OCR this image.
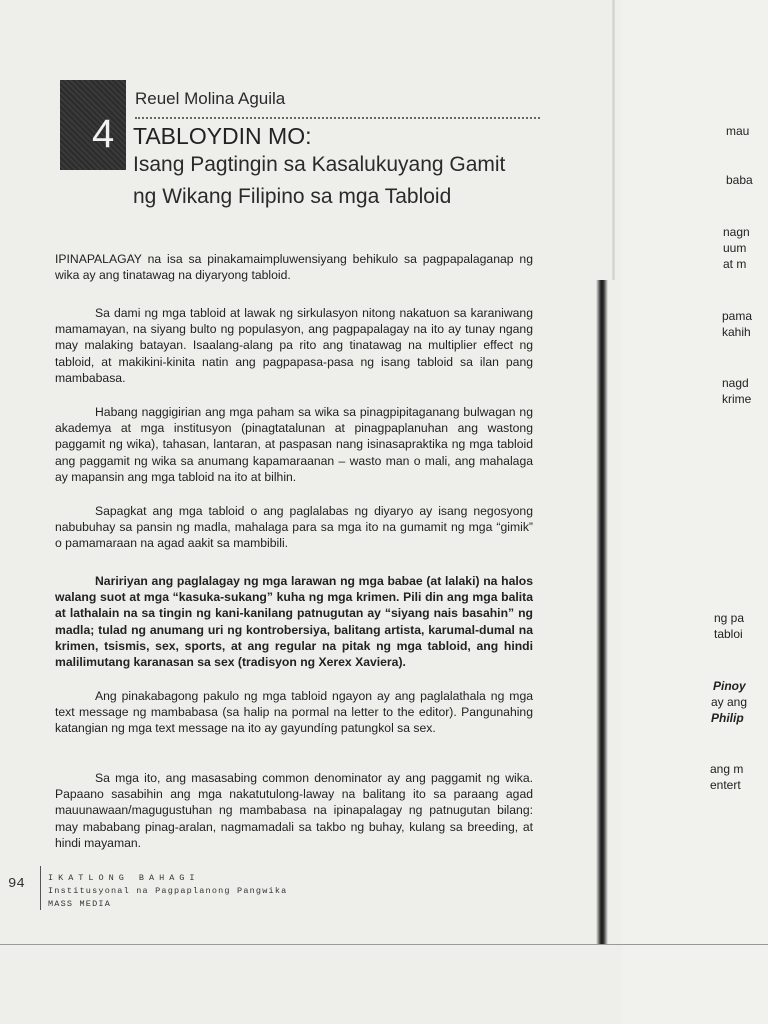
4
Reuel Molina Aguila
TABLOYDIN MO:
Isang Pagtingin sa Kasalukuyang Gamit
ng Wikang Filipino sa mga Tabloid
IPINAPALAGAY na isa sa pinakamaimpluwensiyang behikulo sa pagpapalaganap ng wika ay ang tinatawag na diyaryong tabloid.
Sa dami ng mga tabloid at lawak ng sirkulasyon nitong nakatuon sa karaniwang mamamayan, na siyang bulto ng populasyon, ang pagpapalagay na ito ay tunay ngang may malaking batayan. Isaalang-alang pa rito ang tinatawag na multiplier effect ng tabloid, at makikini-kinita natin ang pagpapasa-pasa ng isang tabloid sa ilan pang mambabasa.
Habang naggigirian ang mga paham sa wika sa pinagpipitaganang bulwagan ng akademya at mga institusyon (pinagtatalunan at pinagpaplanuhan ang wastong paggamit ng wika), tahasan, lantaran, at paspasan nang isinasapraktika ng mga tabloid ang paggamit ng wika sa anumang kapamaraanan – wasto man o mali, ang mahalaga ay mapansin ang mga tabloid na ito at bilhin.
Sapagkat ang mga tabloid o ang paglalabas ng diyaryo ay isang negosyong nabubuhay sa pansin ng madla, mahalaga para sa mga ito na gumamit ng mga “gimik” o pamamaraan na agad aakit sa mambibili.
Naririyan ang paglalagay ng mga larawan ng mga babae (at lalaki) na halos walang suot at mga “kasuka-sukang” kuha ng mga krimen. Pili din ang mga balita at lathalain na sa tingin ng kani-kanilang patnugutan ay “siyang nais basahin” ng madla; tulad ng anumang uri ng kontrobersiya, balitang artista, karumal-dumal na krimen, tsismis, sex, sports, at ang regular na pitak ng mga tabloid, ang hindi malilimutang karanasan sa sex (tradisyon ng Xerex Xaviera).
Ang pinakabagong pakulo ng mga tabloid ngayon ay ang paglalathala ng mga text message ng mambabasa (sa halip na pormal na letter to the editor). Pangunahing katangian ng mga text message na ito ay gayundíng patungkol sa sex.
Sa mga ito, ang masasabing common denominator ay ang paggamit ng wika. Papaano sasabihin ang mga nakatutulong-laway na balitang ito sa paraang agad mauunawaan/magugustuhan ng mambabasa na ipinapalagay ng patnugutan bilang: may mababang pinag-aralan, nagmamadali sa takbo ng buhay, kulang sa breeding, at hindi mayaman.
94	IKATLONG BAHAGI
Institusyonal na Pagpaplanong Pangwika
MASS MEDIA
mau
baba
nagn
uum
at m
pama
kahih
nagd
krime
ng pa
tabloi
Pinoy
ay ang
Philip
ang m
entert
